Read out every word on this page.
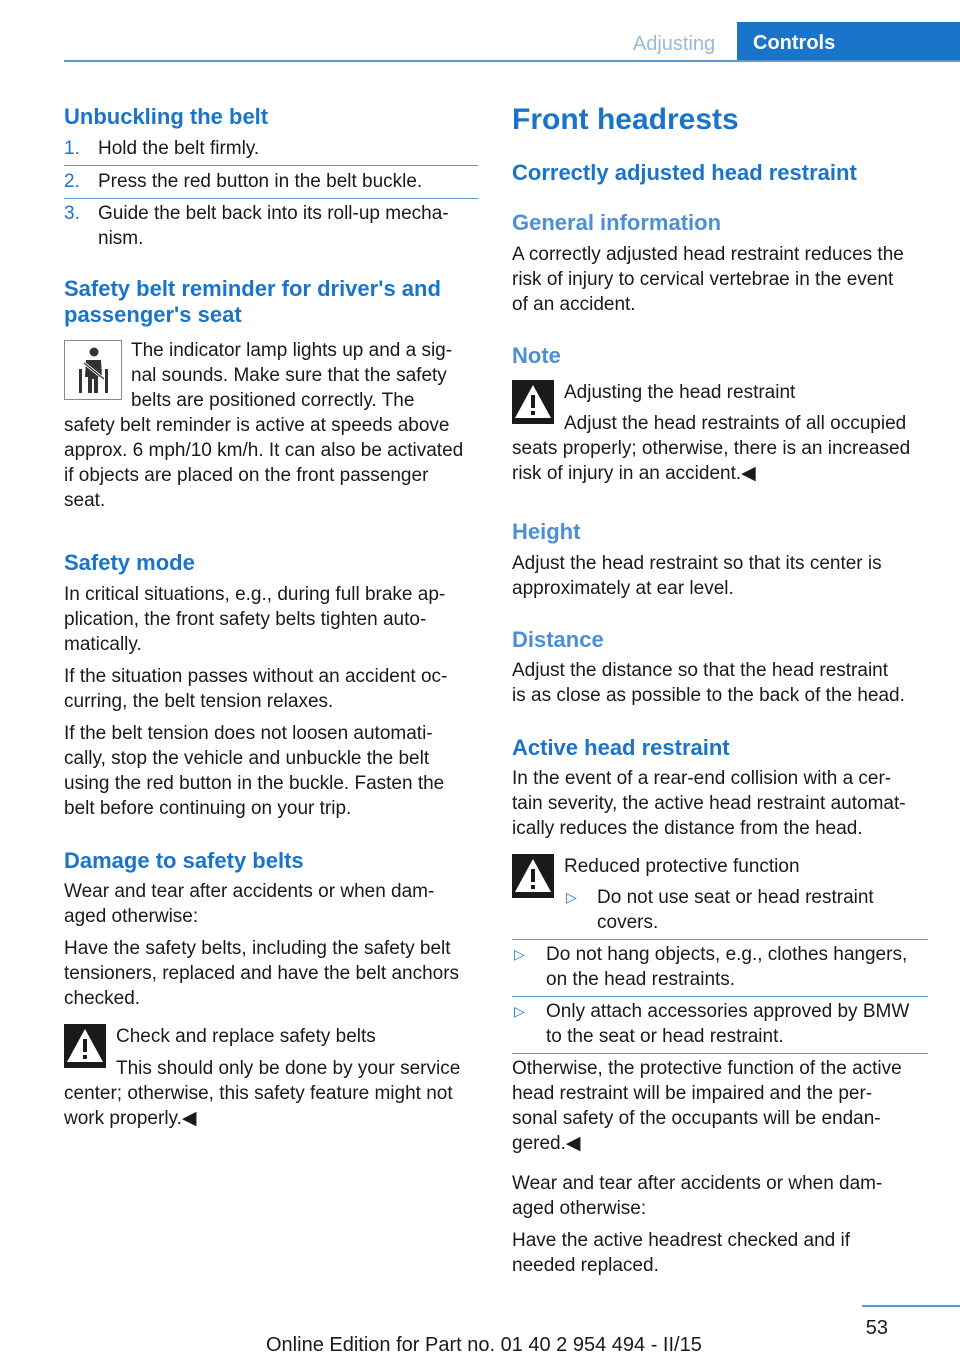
Adjusting	Controls
Unbuckling the belt
1. Hold the belt firmly.
2. Press the red button in the belt buckle.
3. Guide the belt back into its roll-up mecha-
nism.
Safety belt reminder for driver's and
passenger's seat

The indicator lamp lights up and a sig-

nal sounds. Make sure that the safety

belts are positioned correctly. The

safety belt reminder is active at speeds above

approx. 6 mph/10 km/h. It can also be activated

if objects are placed on the front passenger

seat.

Safety mode

In critical situations, e.g., during full brake ap-

plication, the front safety belts tighten auto-

matically.

If the situation passes without an accident oc-

curring, the belt tension relaxes.

If the belt tension does not loosen automati-

cally, stop the vehicle and unbuckle the belt

using the red button in the buckle. Fasten the

belt before continuing on your trip.

Damage to safety belts

Wear and tear after accidents or when dam-

aged otherwise:

Have the safety belts, including the safety belt

tensioners, replaced and have the belt anchors

checked.

Check and replace safety belts

This should only be done by your service

center; otherwise, this safety feature might not

work properly.◀

Front headrests
Correctly adjusted head restraint
General information

A correctly adjusted head restraint reduces the

risk of injury to cervical vertebrae in the event

of an accident.

Note

Adjusting the head restraint

Adjust the head restraints of all occupied

seats properly; otherwise, there is an increased

risk of injury in an accident.◀

Height

Adjust the head restraint so that its center is

approximately at ear level.

Distance

Adjust the distance so that the head restraint

is as close as possible to the back of the head.

Active head restraint

In the event of a rear-end collision with a cer-

tain severity, the active head restraint automat-

ically reduces the distance from the head.

Reduced protective function

▷ Do not use seat or head restraint
covers.
▷ Do not hang objects, e.g., clothes hangers,
on the head restraints.
▷ Only attach accessories approved by BMW
to the seat or head restraint.

Otherwise, the protective function of the active

head restraint will be impaired and the per-

sonal safety of the occupants will be endan-

gered.◀

Wear and tear after accidents or when dam-

aged otherwise:

Have the active headrest checked and if

needed replaced.

53
Online Edition for Part no. 01 40 2 954 494 - II/15
